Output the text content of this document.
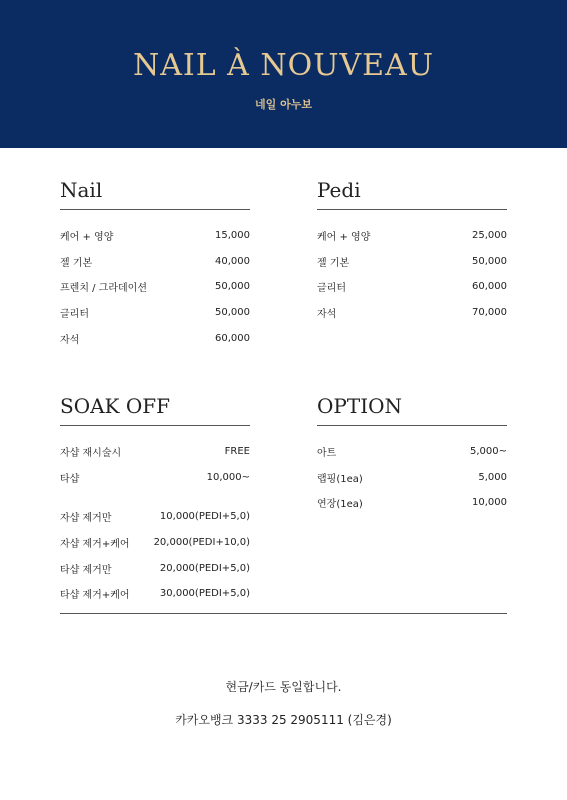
NAIL À NOUVEAU
네일 아누보
Nail
케어 + 영양	15,000
젤 기본	40,000
프렌치 / 그라데이션	50,000
글리터	50,000
자석	60,000
Pedi
케어 + 영양	25,000
젤 기본	50,000
글리터	60,000
자석	70,000
SOAK OFF
자샵 재시술시	FREE
타샵	10,000~
자샵 제거만	10,000(PEDI+5,0)
자샵 제거+케어 20,000(PEDI+10,0)
타샵 제거만	20,000(PEDI+5,0)
타샵 제거+케어	30,000(PEDI+5,0)
OPTION
아트	5,000~
랩핑(1ea)	5,000
연장(1ea)	10,000
현금/카드 동일합니다.
카카오뱅크 3333 25 2905111 (김은경)
